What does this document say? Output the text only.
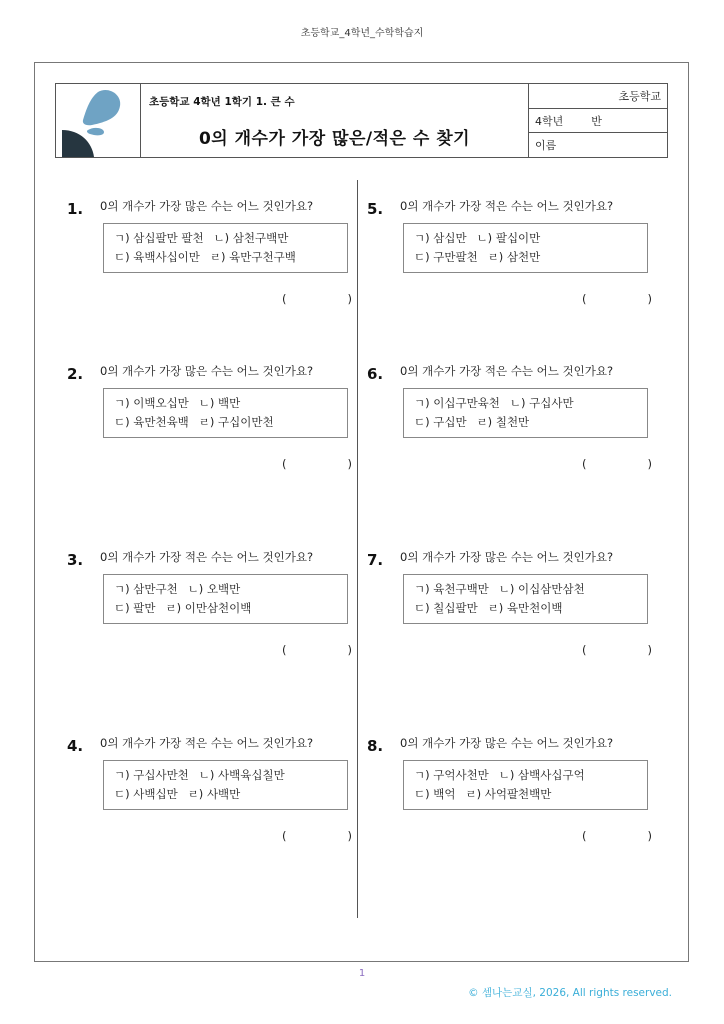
초등학교_4학년_수학학습지
초등학교 4학년 1학기 1. 큰 수
0의 개수가 가장 많은/적은 수 찾기
초등학교
4학년	반
이름
1. 0의 개수가 가장 많은 수는 어느 것인가요?
ㄱ) 삼십팔만 팔천 ㄴ) 삼천구백만
ㄷ) 육백사십이만 ㄹ) 육만구천구백
(	)
2. 0의 개수가 가장 많은 수는 어느 것인가요?
ㄱ) 이백오십만 ㄴ) 백만
ㄷ) 육만천육백 ㄹ) 구십이만천
(	)
3. 0의 개수가 가장 적은 수는 어느 것인가요?
ㄱ) 삼만구천 ㄴ) 오백만
ㄷ) 팔만 ㄹ) 이만삼천이백
(	)
4. 0의 개수가 가장 적은 수는 어느 것인가요?
ㄱ) 구십사만천 ㄴ) 사백육십칠만
ㄷ) 사백십만 ㄹ) 사백만
(	)
5. 0의 개수가 가장 적은 수는 어느 것인가요?
ㄱ) 삼십만 ㄴ) 팔십이만
ㄷ) 구만팔천 ㄹ) 삼천만
(	)
6. 0의 개수가 가장 적은 수는 어느 것인가요?
ㄱ) 이십구만육천 ㄴ) 구십사만
ㄷ) 구십만 ㄹ) 칠천만
(	)
7. 0의 개수가 가장 많은 수는 어느 것인가요?
ㄱ) 육천구백만 ㄴ) 이십삼만삼천
ㄷ) 칠십팔만 ㄹ) 육만천이백
(	)
8. 0의 개수가 가장 많은 수는 어느 것인가요?
ㄱ) 구억사천만 ㄴ) 삼백사십구억
ㄷ) 백억 ㄹ) 사억팔천백만
(	)
1
© 셈나는교실, 2026, All rights reserved.
